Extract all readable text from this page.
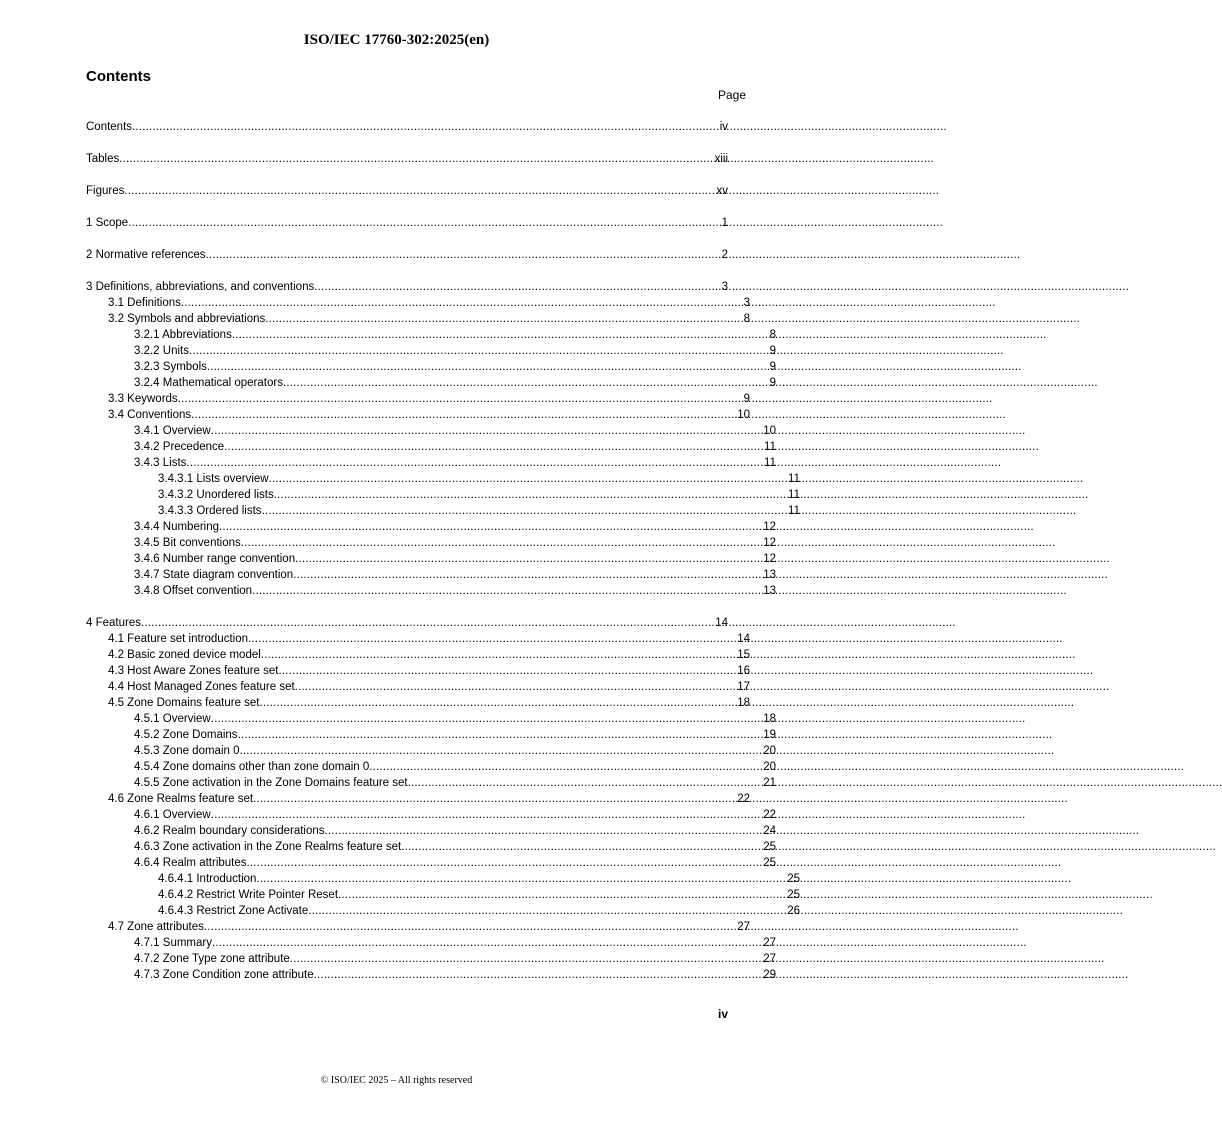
ISO/IEC 17760-302:2025(en)
Contents
Page
Contents .....	iv
Tables .....	xiii
Figures .....	xv
1 Scope .....	1
2 Normative references .....	2
3 Definitions, abbreviations, and conventions .....	3
3.1 Definitions .....	3
3.2 Symbols and abbreviations .....	8
3.2.1 Abbreviations .....	8
3.2.2 Units .....	9
3.2.3 Symbols .....	9
3.2.4 Mathematical operators .....	9
3.3 Keywords .....	9
3.4 Conventions .....	10
3.4.1 Overview .....	10
3.4.2 Precedence .....	11
3.4.3 Lists .....	11
3.4.3.1 Lists overview .....	11
3.4.3.2 Unordered lists .....	11
3.4.3.3 Ordered lists .....	11
3.4.4 Numbering .....	12
3.4.5 Bit conventions .....	12
3.4.6 Number range convention .....	12
3.4.7 State diagram convention .....	13
3.4.8 Offset convention .....	13
4 Features .....	14
4.1 Feature set introduction .....	14
4.2 Basic zoned device model .....	15
4.3 Host Aware Zones feature set .....	16
4.4 Host Managed Zones feature set .....	17
4.5 Zone Domains feature set .....	18
4.5.1 Overview .....	18
4.5.2 Zone Domains .....	19
4.5.3 Zone domain 0 .....	20
4.5.4 Zone domains other than zone domain 0 .....	20
4.5.5 Zone activation in the Zone Domains feature set .....	21
4.6 Zone Realms feature set .....	22
4.6.1 Overview .....	22
4.6.2 Realm boundary considerations .....	24
4.6.3 Zone activation in the Zone Realms feature set .....	25
4.6.4 Realm attributes .....	25
4.6.4.1 Introduction .....	25
4.6.4.2 Restrict Write Pointer Reset .....	25
4.6.4.3 Restrict Zone Activate .....	26
4.7 Zone attributes .....	27
4.7.1 Summary .....	27
4.7.2 Zone Type zone attribute .....	27
4.7.3 Zone Condition zone attribute .....	29
iv
© ISO/IEC 2025 – All rights reserved
